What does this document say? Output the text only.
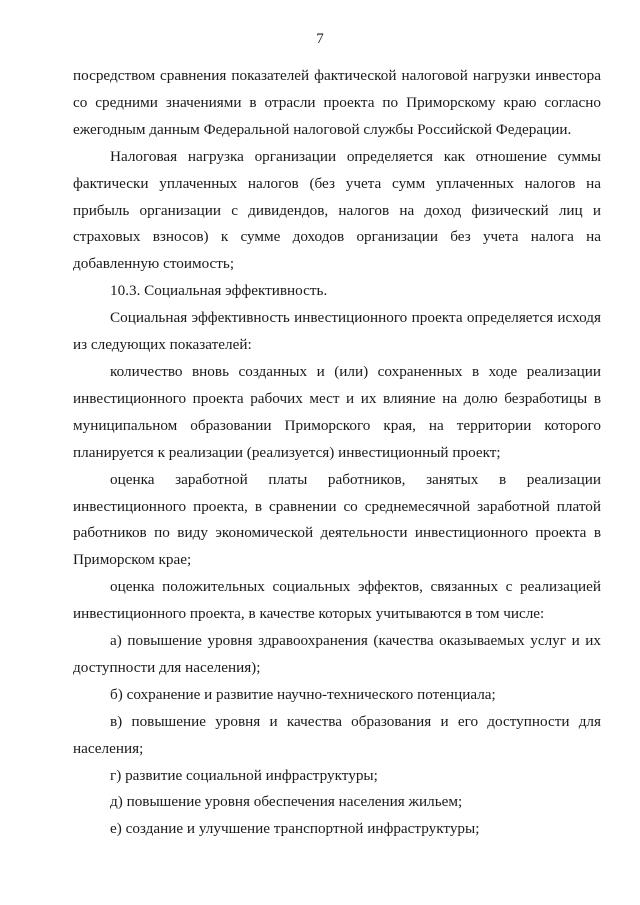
7

посредством сравнения показателей фактической налоговой нагрузки инвестора со средними значениями в отрасли проекта по Приморскому краю согласно ежегодным данным Федеральной налоговой службы Российской Федерации.

Налоговая нагрузка организации определяется как отношение суммы фактически уплаченных налогов (без учета сумм уплаченных налогов на прибыль организации с дивидендов, налогов на доход физический лиц и страховых взносов) к сумме доходов организации без учета налога на добавленную стоимость;

10.3. Социальная эффективность.

Социальная эффективность инвестиционного проекта определяется исходя из следующих показателей:

количество вновь созданных и (или) сохраненных в ходе реализации инвестиционного проекта рабочих мест и их влияние на долю безработицы в муниципальном образовании Приморского края, на территории которого планируется к реализации (реализуется) инвестиционный проект;

оценка заработной платы работников, занятых в реализации инвестиционного проекта, в сравнении со среднемесячной заработной платой работников по виду экономической деятельности инвестиционного проекта в Приморском крае;

оценка положительных социальных эффектов, связанных с реализацией инвестиционного проекта, в качестве которых учитываются в том числе:

а) повышение уровня здравоохранения (качества оказываемых услуг и их доступности для населения);

б) сохранение и развитие научно-технического потенциала;

в) повышение уровня и качества образования и его доступности для населения;

г) развитие социальной инфраструктуры;

д) повышение уровня обеспечения населения жильем;

е) создание и улучшение транспортной инфраструктуры;
